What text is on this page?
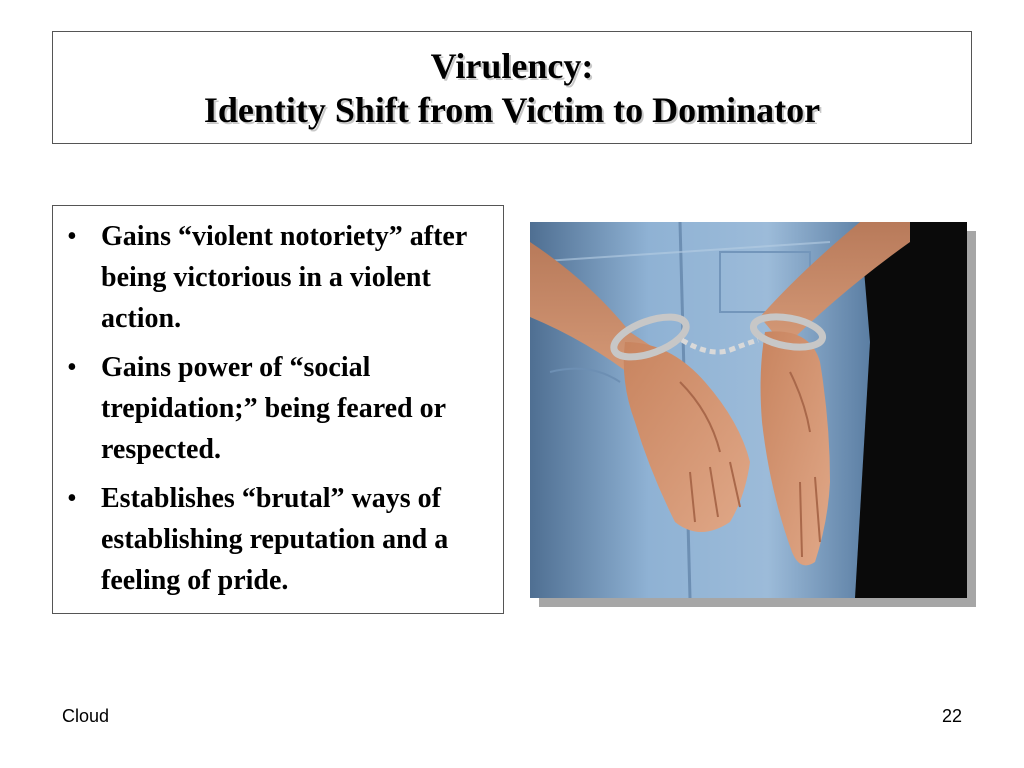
Virulency:
Identity Shift from Victim to Dominator
• Gains “violent notoriety” after being victorious in a violent action.
• Gains power of “social trepidation;” being feared or respected.
• Establishes “brutal” ways of establishing reputation and a feeling of pride.
Cloud	22
